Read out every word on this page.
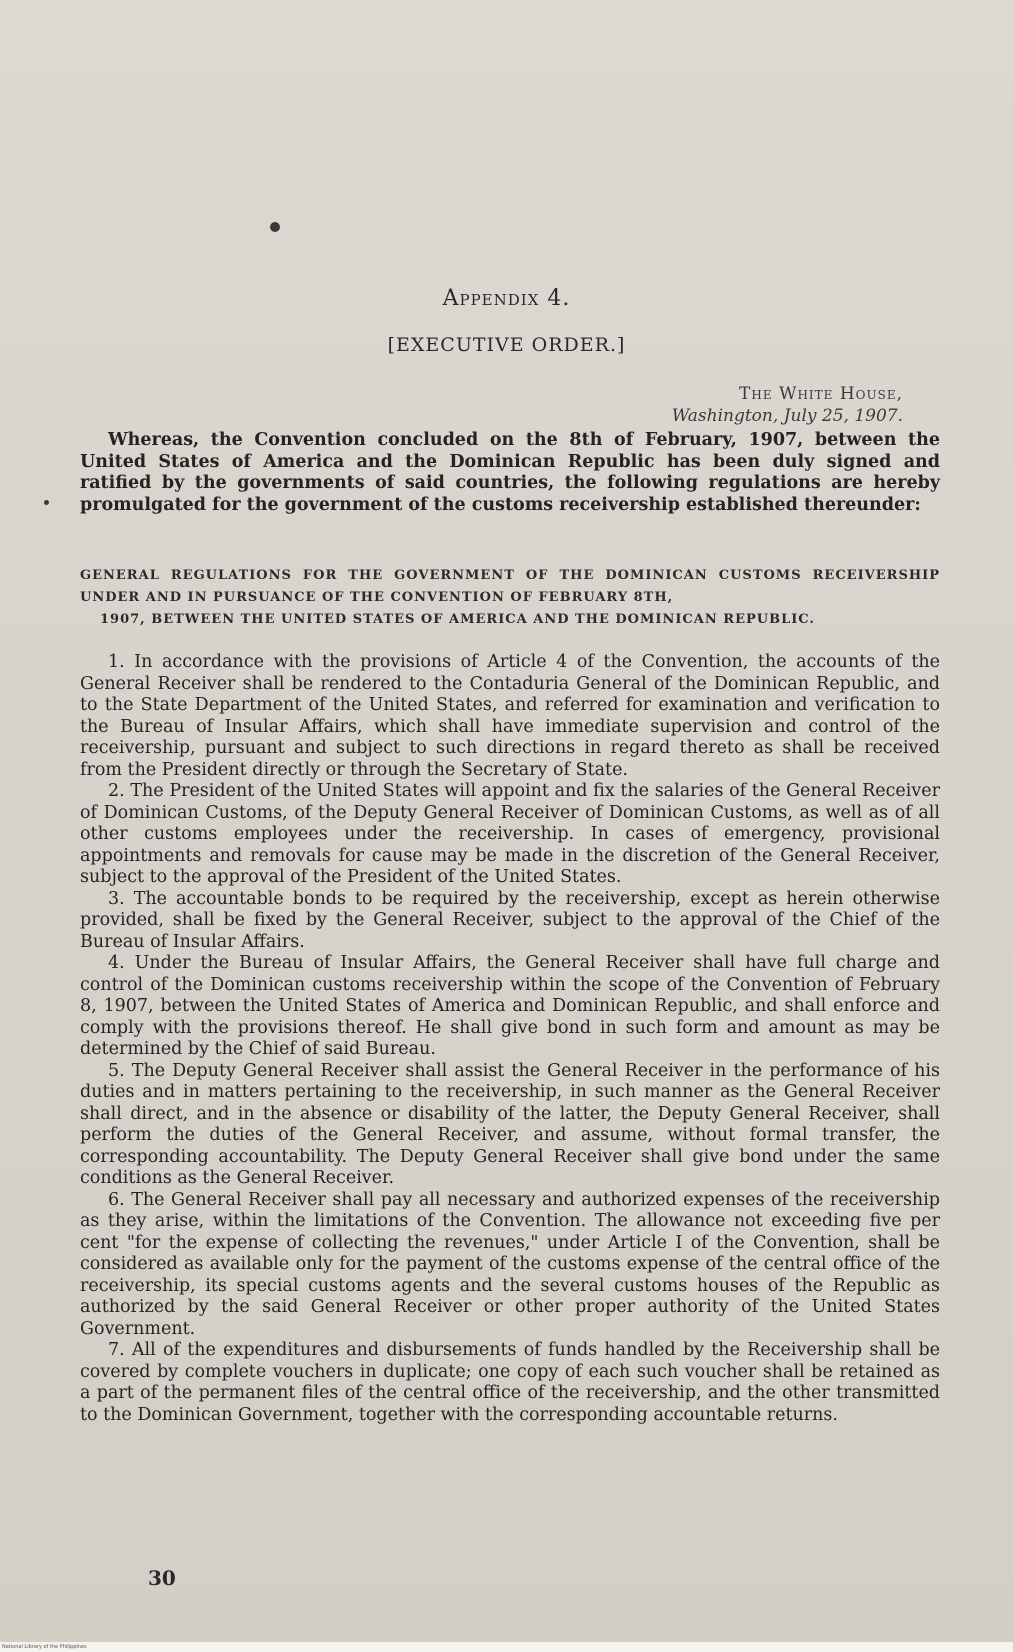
Appendix 4.
[EXECUTIVE ORDER.]
The White House,
Washington, July 25, 1907.

Whereas, the Convention concluded on the 8th of February, 1907, between the United States of America and the Dominican Republic has been duly signed and ratified by the governments of said countries, the following regulations are hereby promulgated for the government of the customs receivership established thereunder:

GENERAL REGULATIONS FOR THE GOVERNMENT OF THE DOMINICAN CUSTOMS RECEIVERSHIP UNDER AND IN PURSUANCE OF THE CONVENTION OF FEBRUARY 8TH,
1907, BETWEEN THE UNITED STATES OF AMERICA AND THE DOMINICAN REPUBLIC.

1. In accordance with the provisions of Article 4 of the Convention, the accounts of the General Receiver shall be rendered to the Contaduria General of the Dominican Republic, and to the State Department of the United States, and referred for examination and verification to the Bureau of Insular Affairs, which shall have immediate supervision and control of the receivership, pursuant and subject to such directions in regard thereto as shall be received from the President directly or through the Secretary of State.

2. The President of the United States will appoint and fix the salaries of the General Receiver of Dominican Customs, of the Deputy General Receiver of Dominican Customs, as well as of all other customs employees under the receivership. In cases of emergency, provisional appointments and removals for cause may be made in the discretion of the General Receiver, subject to the approval of the President of the United States.

3. The accountable bonds to be required by the receivership, except as herein otherwise provided, shall be fixed by the General Receiver, subject to the approval of the Chief of the Bureau of Insular Affairs.

4. Under the Bureau of Insular Affairs, the General Receiver shall have full charge and control of the Dominican customs receivership within the scope of the Convention of February 8, 1907, between the United States of America and Dominican Republic, and shall enforce and comply with the provisions thereof. He shall give bond in such form and amount as may be determined by the Chief of said Bureau.

5. The Deputy General Receiver shall assist the General Receiver in the performance of his duties and in matters pertaining to the receivership, in such manner as the General Receiver shall direct, and in the absence or disability of the latter, the Deputy General Receiver, shall perform the duties of the General Receiver, and assume, without formal transfer, the corresponding accountability. The Deputy General Receiver shall give bond under the same conditions as the General Receiver.

6. The General Receiver shall pay all necessary and authorized expenses of the receivership as they arise, within the limitations of the Convention. The allowance not exceeding five per cent "for the expense of collecting the revenues," under Article I of the Convention, shall be considered as available only for the payment of the customs expense of the central office of the receivership, its special customs agents and the several customs houses of the Republic as authorized by the said General Receiver or other proper authority of the United States Government.

7. All of the expenditures and disbursements of funds handled by the Receivership shall be covered by complete vouchers in duplicate; one copy of each such voucher shall be retained as a part of the permanent files of the central office of the receivership, and the other transmitted to the Dominican Government, together with the corresponding accountable returns.

30
National Library of the Philippines
